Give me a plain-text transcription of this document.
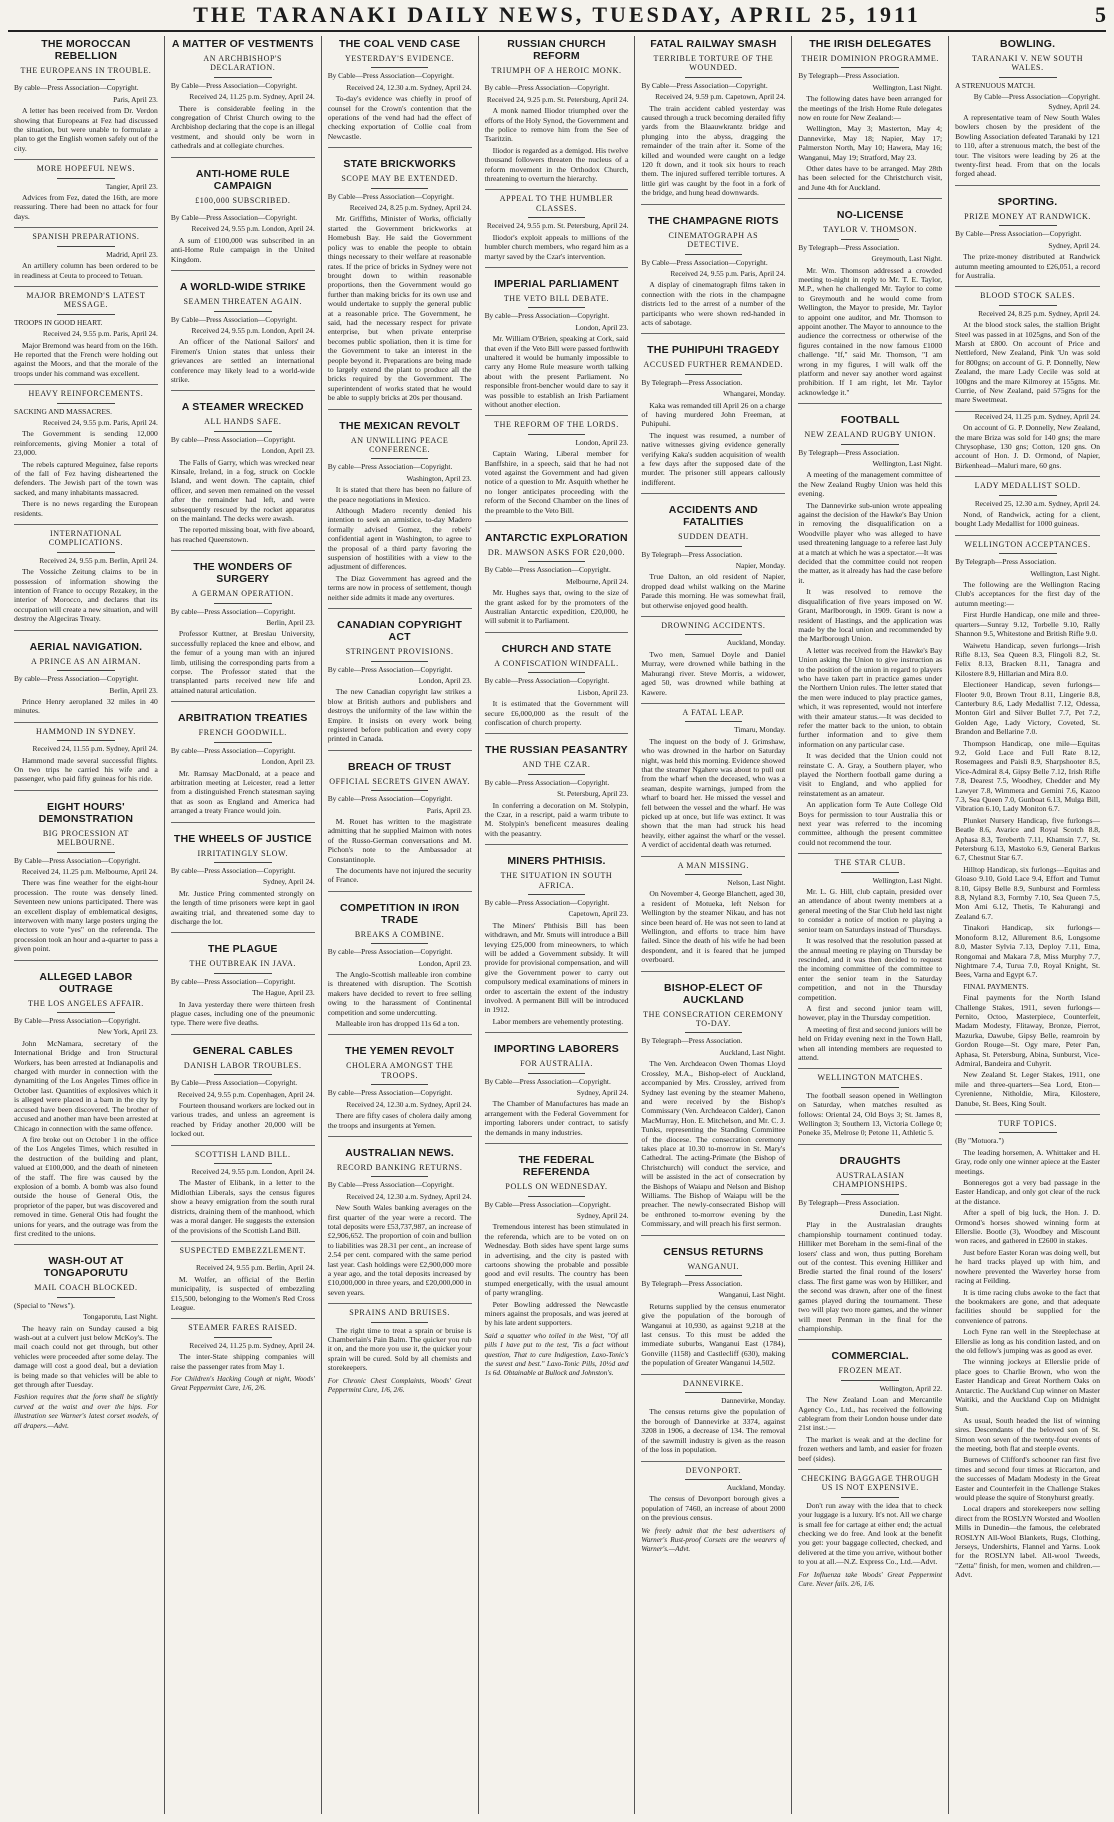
THE TARANAKI DAILY NEWS, TUESDAY, APRIL 25, 1911	5
THE MOROCCAN REBELLION
THE EUROPEANS IN TROUBLE.
By cable—Press Association—Copyright.
Paris, April 23.

A letter has been received from Dr. Verdon showing that Europeans at Fez had discussed the situation, but were unable to formulate a plan to get the English women safely out of the city.

MORE HOPEFUL NEWS.
Tangier, April 23.

Advices from Fez, dated the 16th, are more reassuring. There had been no attack for four days.

SPANISH PREPARATIONS.
Madrid, April 23.

An artillery column has been ordered to be in readiness at Ceuta to proceed to Tetuan.

MAJOR BREMOND'S LATEST MESSAGE.
TROOPS IN GOOD HEART.
Received 24, 9.55 p.m. Paris, April 24.

Major Bremond was heard from on the 16th. He reported that the French were holding out against the Moors, and that the morale of the troops under his command was excellent.

HEAVY REINFORCEMENTS.
SACKING AND MASSACRES.
Received 24, 9.55 p.m. Paris, April 24.

The Government is sending 12,000 reinforcements, giving Monier a total of 23,000.

The rebels captured Meguinez, false reports of the fall of Fez having disheartened the defenders. The Jewish part of the town was sacked, and many inhabitants massacred.

There is no news regarding the European residents.

INTERNATIONAL COMPLICATIONS.
Received 24, 9.55 p.m. Berlin, April 24.

The Vossiche Zeitung claims to be in possession of information showing the intention of France to occupy Rezakey, in the interior of Morocco, and declares that its occupation will create a new situation, and will destroy the Algeciras Treaty.

AERIAL NAVIGATION.
A PRINCE AS AN AIRMAN.
By cable—Press Association—Copyright.
Berlin, April 23.

Prince Henry aeroplaned 32 miles in 40 minutes.

HAMMOND IN SYDNEY.
Received 24, 11.55 p.m. Sydney, April 24.

Hammond made several successful flights. On two trips he carried his wife and a passenger, who paid fifty guineas for his ride.

EIGHT HOURS' DEMONSTRATION
BIG PROCESSION AT MELBOURNE.
By Cable—Press Association—Copyright.
Received 24, 11.25 p.m. Melbourne, April 24.

There was fine weather for the eight-hour procession. The route was densely lined. Seventeen new unions participated. There was an excellent display of emblematical designs, interwoven with many large posters urging the electors to vote "yes" on the referenda. The procession took an hour and a-quarter to pass a given point.

ALLEGED LABOR OUTRAGE
THE LOS ANGELES AFFAIR.
By Cable—Press Association—Copyright.
New York, April 23.

John McNamara, secretary of the International Bridge and Iron Structural Workers, has been arrested at Indianapolis and charged with murder in connection with the dynamiting of the Los Angeles Times office in October last. Quantities of explosives which it is alleged were placed in a barn in the city by accused have been discovered. The brother of accused and another man have been arrested at Chicago in connection with the same offence.

A fire broke out on October 1 in the office of the Los Angeles Times, which resulted in the destruction of the building and plant, valued at £100,000, and the death of nineteen of the staff. The fire was caused by the explosion of a bomb. A bomb was also found outside the house of General Otis, the proprietor of the paper, but was discovered and removed in time. General Otis had fought the unions for years, and the outrage was from the first credited to the unions.

WASH-OUT AT TONGAPORUTU
MAIL COACH BLOCKED.
(Special to "News").
Tongaporutu, Last Night.

The heavy rain on Sunday caused a big wash-out at a culvert just below McKoy's. The mail coach could not get through, but other vehicles were proceeded after some delay. The damage will cost a good deal, but a deviation is being made so that vehicles will be able to get through after Tuesday.

Fashion requires that the form shall be slightly curved at the waist and over the hips. For illustration see Warner's latest corset models, of all drapers.—Advt.
A MATTER OF VESTMENTS
AN ARCHBISHOP'S DECLARATION.
By Cable—Press Association—Copyright.
Received 24, 11.25 p.m. Sydney, April 24.

There is considerable feeling in the congregation of Christ Church owing to the Archbishop declaring that the cope is an illegal vestment, and should only be worn in cathedrals and at collegiate churches.

ANTI-HOME RULE CAMPAIGN
£100,000 SUBSCRIBED.
By Cable—Press Association—Copyright.
Received 24, 9.55 p.m. London, April 24.

A sum of £100,000 was subscribed in an anti-Home Rule campaign in the United Kingdom.

A WORLD-WIDE STRIKE
SEAMEN THREATEN AGAIN.
By Cable—Press Association—Copyright.
Received 24, 9.55 p.m. London, April 24.

An officer of the National Sailors' and Firemen's Union states that unless their grievances are settled an international conference may likely lead to a world-wide strike.

A STEAMER WRECKED
ALL HANDS SAFE.
By cable—Press Association—Copyright.
London, April 23.

The Falls of Garry, which was wrecked near Kinsale, Ireland, in a fog, struck on Cockle Island, and went down. The captain, chief officer, and seven men remained on the vessel after the remainder had left, and were subsequently rescued by the rocket apparatus on the mainland. The decks were awash.

The reported missing boat, with five aboard, has reached Queenstown.

THE WONDERS OF SURGERY
A GERMAN OPERATION.
By cable—Press Association—Copyright.
Berlin, April 23.

Professor Kuttner, at Breslau University, successfully replaced the knee and elbow, and the femur of a young man with an injured limb, utilising the corresponding parts from a corpse. The Professor stated that the transplanted parts received new life and attained natural articulation.

ARBITRATION TREATIES
FRENCH GOODWILL.
By cable—Press Association—Copyright.
London, April 23.

Mr. Ramsay MacDonald, at a peace and arbitration meeting at Leicester, read a letter from a distinguished French statesman saying that as soon as England and America had arranged a treaty France would join.

THE WHEELS OF JUSTICE
IRRITATINGLY SLOW.
By cable—Press Association—Copyright.
Sydney, April 24.

Mr. Justice Pring commented strongly on the length of time prisoners were kept in gaol awaiting trial, and threatened some day to discharge the lot.

THE PLAGUE
THE OUTBREAK IN JAVA.
By cable—Press Association—Copyright.
The Hague, April 23.

In Java yesterday there were thirteen fresh plague cases, including one of the pneumonic type. There were five deaths.

GENERAL CABLES
DANISH LABOR TROUBLES.
By Cable—Press Association—Copyright.
Received 24, 9.55 p.m. Copenhagen, April 24.

Fourteen thousand workers are locked out in various trades, and unless an agreement is reached by Friday another 20,000 will be locked out.

SCOTTISH LAND BILL.
Received 24, 9.55 p.m. London, April 24.

The Master of Elibank, in a letter to the Midlothian Liberals, says the census figures show a heavy emigration from the south rural districts, draining them of the manhood, which was a moral danger. He suggests the extension of the provisions of the Scottish Land Bill.

SUSPECTED EMBEZZLEMENT.
Received 24, 9.55 p.m. Berlin, April 24.

M. Wolfer, an official of the Berlin municipality, is suspected of embezzling £15,500, belonging to the Women's Red Cross League.

STEAMER FARES RAISED.
Received 24, 11.25 p.m. Sydney, April 24.

The inter-State shipping companies will raise the passenger rates from May 1.

For Children's Hacking Cough at night, Woods' Great Peppermint Cure, 1/6, 2/6.
THE COAL VEND CASE
YESTERDAY'S EVIDENCE.
By Cable—Press Association—Copyright.
Received 24, 12.30 a.m. Sydney, April 24.

To-day's evidence was chiefly in proof of counsel for the Crown's contention that the operations of the vend had had the effect of checking exportation of Collie coal from Newcastle.

STATE BRICKWORKS
SCOPE MAY BE EXTENDED.
By Cable—Press Association—Copyright.
Received 24, 8.25 p.m. Sydney, April 24.

Mr. Griffiths, Minister of Works, officially started the Government brickworks at Homebush Bay. He said the Government policy was to enable the people to obtain things necessary to their welfare at reasonable rates. If the price of bricks in Sydney were not brought down to within reasonable proportions, then the Government would go further than making bricks for its own use and would undertake to supply the general public at a reasonable price. The Government, he said, had the necessary respect for private enterprise, but when private enterprise becomes public spoliation, then it is time for the Government to take an interest in the people beyond it. Preparations are being made to largely extend the plant to produce all the bricks required by the Government. The superintendent of works stated that he would be able to supply bricks at 20s per thousand.

THE MEXICAN REVOLT
AN UNWILLING PEACE CONFERENCE.
By cable—Press Association—Copyright.
Washington, April 23.

It is stated that there has been no failure of the peace negotiations in Mexico.

Although Madero recently denied his intention to seek an armistice, to-day Madero formally advised Gomez, the rebels' confidential agent in Washington, to agree to the proposal of a third party favoring the suspension of hostilities with a view to the adjustment of differences.

The Diaz Government has agreed and the terms are now in process of settlement, though neither side admits it made any overtures.

CANADIAN COPYRIGHT ACT
STRINGENT PROVISIONS.
By cable—Press Association—Copyright.
London, April 23.

The new Canadian copyright law strikes a blow at British authors and publishers and destroys the uniformity of the law within the Empire. It insists on every work being registered before publication and every copy printed in Canada.

BREACH OF TRUST
OFFICIAL SECRETS GIVEN AWAY.
By cable—Press Association—Copyright.
Paris, April 23.

M. Rouet has written to the magistrate admitting that he supplied Maimon with notes of the Russo-German conversations and M. Pichon's note to the Ambassador at Constantinople.

The documents have not injured the security of France.

COMPETITION IN IRON TRADE
BREAKS A COMBINE.
By cable—Press Association—Copyright.
London, April 23.

The Anglo-Scottish malleable iron combine is threatened with disruption. The Scottish makers have decided to revert to free selling owing to the harassment of Continental competition and some undercutting.

Malleable iron has dropped 11s 6d a ton.

THE YEMEN REVOLT
CHOLERA AMONGST THE TROOPS.
By cable—Press Association—Copyright.
Received 24, 12.30 a.m. Sydney, April 24.

There are fifty cases of cholera daily among the troops and insurgents at Yemen.

AUSTRALIAN NEWS.
RECORD BANKING RETURNS.
By Cable—Press Association—Copyright.
Received 24, 12.30 a.m. Sydney, April 24.

New South Wales banking averages on the first quarter of the year were a record. The total deposits were £53,737,987, an increase of £2,906,652. The proportion of coin and bullion to liabilities was 28.31 per cent., an increase of 2.54 per cent. compared with the same period last year. Cash holdings were £2,900,000 more a year ago, and the total deposits increased by £10,000,000 in three years, and £20,000,000 in seven years.

SPRAINS AND BRUISES.

The right time to treat a sprain or bruise is Chamberlain's Pain Balm. The quicker you rub it on, and the more you use it, the quicker your sprain will be cured. Sold by all chemists and storekeepers.

For Chronic Chest Complaints, Woods' Great Peppermint Cure, 1/6, 2/6.
RUSSIAN CHURCH REFORM
TRIUMPH OF A HEROIC MONK.
By cable—Press Association—Copyright.
Received 24, 9.25 p.m. St. Petersburg, April 24.

A monk named Iliodor triumphed over the efforts of the Holy Synod, the Government and the police to remove him from the See of Tsaritzin.

Iliodor is regarded as a demigod. His twelve thousand followers threaten the nucleus of a reform movement in the Orthodox Church, threatening to overturn the hierarchy.

APPEAL TO THE HUMBLER CLASSES.
Received 24, 9.55 p.m. St. Petersburg, April 24.

Iliodor's exploit appeals to millions of the humbler church members, who regard him as a martyr saved by the Czar's intervention.

IMPERIAL PARLIAMENT
THE VETO BILL DEBATE.
By cable—Press Association—Copyright.
London, April 23.

Mr. William O'Brien, speaking at Cork, said that even if the Veto Bill were passed forthwith unaltered it would be humanly impossible to carry any Home Rule measure worth talking about with the present Parliament. No responsible front-bencher would dare to say it was possible to establish an Irish Parliament without another election.

THE REFORM OF THE LORDS.
London, April 23.

Captain Waring, Liberal member for Banffshire, in a speech, said that he had not voted against the Government and had given notice of a question to Mr. Asquith whether he no longer anticipates proceeding with the reform of the Second Chamber on the lines of the preamble to the Veto Bill.

ANTARCTIC EXPLORATION
DR. MAWSON ASKS FOR £20,000.
By Cable—Press Association—Copyright.
Melbourne, April 24.

Mr. Hughes says that, owing to the size of the grant asked for by the promoters of the Australian Antarctic expedition, £20,000, he will submit it to Parliament.

CHURCH AND STATE
A CONFISCATION WINDFALL.
By cable—Press Association—Copyright.
Lisbon, April 23.

It is estimated that the Government will secure £6,000,000 as the result of the confiscation of church property.

THE RUSSIAN PEASANTRY
AND THE CZAR.
By cable—Press Association—Copyright.
St. Petersburg, April 23.

In conferring a decoration on M. Stolypin, the Czar, in a rescript, paid a warm tribute to M. Stolypin's beneficent measures dealing with the peasantry.

MINERS PHTHISIS.
THE SITUATION IN SOUTH AFRICA.
By cable—Press Association—Copyright.
Capetown, April 23.

The Miners' Phthisis Bill has been withdrawn, and Mr. Smuts will introduce a Bill levying £25,000 from mineowners, to which will be added a Government subsidy. It will provide for provisional compensation, and will give the Government power to carry out compulsory medical examinations of miners in order to ascertain the extent of the industry involved. A permanent Bill will be introduced in 1912.

Labor members are vehemently protesting.

IMPORTING LABORERS
FOR AUSTRALIA.
By Cable—Press Association—Copyright.
Sydney, April 24.

The Chamber of Manufactures has made an arrangement with the Federal Government for importing laborers under contract, to satisfy the demands in many industries.

THE FEDERAL REFERENDA
POLLS ON WEDNESDAY.
By Cable—Press Association—Copyright.
Sydney, April 24.

Tremendous interest has been stimulated in the referenda, which are to be voted on on Wednesday. Both sides have spent large sums in advertising, and the city is pasted with cartoons showing the probable and possible good and evil results. The country has been stumped energetically, with the usual amount of party wrangling.

Peter Bowling addressed the Newcastle miners against the proposals, and was jeered at by his late ardent supporters.

Said a squatter who toiled in the West, "Of all pills I have put to the test, 'Tis a fact without question, That to cure Indigestion, Laxo-Tonic's the surest and best." Laxo-Tonic Pills, 10½d and 1s 6d. Obtainable at Bullock and Johnston's.
FATAL RAILWAY SMASH
TERRIBLE TORTURE OF THE WOUNDED.
By Cable—Press Association—Copyright.
Received 24, 9.59 p.m. Capetown, April 24.

The train accident cabled yesterday was caused through a truck becoming derailed fifty yards from the Blaauwkrantz bridge and plunging into the abyss, dragging the remainder of the train after it. Some of the killed and wounded were caught on a ledge 120 ft down, and it took six hours to reach them. The injured suffered terrible tortures. A little girl was caught by the foot in a fork of the bridge, and hung head downwards.

THE CHAMPAGNE RIOTS
CINEMATOGRAPH AS DETECTIVE.
By Cable—Press Association—Copyright.
Received 24, 9.55 p.m. Paris, April 24.

A display of cinematograph films taken in connection with the riots in the champagne districts led to the arrest of a number of the participants who were shown red-handed in acts of sabotage.

THE PUHIPUHI TRAGEDY
ACCUSED FURTHER REMANDED.
By Telegraph—Press Association.
Whangarei, Monday.

Kaka was remanded till April 26 on a charge of having murdered John Freeman, at Puhipuhi.

The inquest was resumed, a number of native witnesses giving evidence generally verifying Kaka's sudden acquisition of wealth a few days after the supposed date of the murder. The prisoner still appears callously indifferent.

ACCIDENTS AND FATALITIES
SUDDEN DEATH.
By Telegraph—Press Association.
Napier, Monday.

True Dalton, an old resident of Napier, dropped dead whilst walking on the Marine Parade this morning. He was somewhat frail, but otherwise enjoyed good health.

DROWNING ACCIDENTS.
Auckland, Monday.

Two men, Samuel Doyle and Daniel Murray, were drowned while bathing in the Mahurangi river. Steve Morris, a widower, aged 50, was drowned while bathing at Kawere.

A FATAL LEAP.
Timaru, Monday.

The inquest on the body of J. Grimshaw, who was drowned in the harbor on Saturday night, was held this morning. Evidence showed that the steamer Ngahere was about to pull out from the wharf when the deceased, who was a seaman, despite warnings, jumped from the wharf to board her. He missed the vessel and fell between the vessel and the wharf. He was picked up at once, but life was extinct. It was shown that the man had struck his head heavily, either against the wharf or the vessel. A verdict of accidental death was returned.

A MAN MISSING.
Nelson, Last Night.

On November 4, George Blanchett, aged 30, a resident of Motueka, left Nelson for Wellington by the steamer Nikau, and has not since been heard of. He was not seen to land at Wellington, and efforts to trace him have failed. Since the death of his wife he had been despondent, and it is feared that he jumped overboard.

BISHOP-ELECT OF AUCKLAND
THE CONSECRATION CEREMONY TO-DAY.
By Telegraph—Press Association.
Auckland, Last Night.

The Ven. Archdeacon Owen Thomas Lloyd Crossley, M.A., Bishop-elect of Auckland, accompanied by Mrs. Crossley, arrived from Sydney last evening by the steamer Maheno, and were received by the Bishop's Commissary (Ven. Archdeacon Calder), Canon MacMurray, Hon. E. Mitchelson, and Mr. C. J. Tunks, representing the Standing Committee of the diocese. The consecration ceremony takes place at 10.30 to-morrow in St. Mary's Cathedral. The acting-Primate (the Bishop of Christchurch) will conduct the service, and will be assisted in the act of consecration by the Bishops of Waiapu and Nelson and Bishop Williams. The Bishop of Waiapu will be the preacher. The newly-consecrated Bishop will be enthroned to-morrow evening by the Commissary, and will preach his first sermon.

CENSUS RETURNS
WANGANUI.
By Telegraph—Press Association.
Wanganui, Last Night.

Returns supplied by the census enumerator give the population of the borough of Wanganui at 10,930, as against 9,218 at the last census. To this must be added the immediate suburbs, Wanganui East (1784), Gonville (1158) and Castlecliff (630), making the population of Greater Wanganui 14,502.

DANNEVIRKE.
Dannevirke, Monday.

The census returns give the population of the borough of Dannevirke at 3374, against 3208 in 1906, a decrease of 134. The removal of the sawmill industry is given as the reason of the loss in population.

DEVONPORT.
Auckland, Monday.

The census of Devonport borough gives a population of 7460, an increase of about 2000 on the previous census.

We freely admit that the best advertisers of Warner's Rust-proof Corsets are the wearers of Warner's.—Advt.
THE IRISH DELEGATES
THEIR DOMINION PROGRAMME.
By Telegraph—Press Association.
Wellington, Last Night.

The following dates have been arranged for the meetings of the Irish Home Rule delegates now en route for New Zealand:—

Wellington, May 3; Masterton, May 4; Dannevirke, May 18; Napier, May 17; Palmerston North, May 10; Hawera, May 16; Wanganui, May 19; Stratford, May 23.

Other dates have to be arranged. May 28th has been selected for the Christchurch visit, and June 4th for Auckland.

NO-LICENSE
TAYLOR V. THOMSON.
By Telegraph—Press Association.
Greymouth, Last Night.

Mr. Wm. Thomson addressed a crowded meeting to-night in reply to Mr. T. E. Taylor, M.P., when he challenged Mr. Taylor to come to Greymouth and he would come from Wellington, the Mayor to preside, Mr. Taylor to appoint one auditor, and Mr. Thomson to appoint another. The Mayor to announce to the audience the correctness or otherwise of the figures contained in the now famous £1000 challenge. "If," said Mr. Thomson, "I am wrong in my figures, I will walk off the platform and never say another word against prohibition. If I am right, let Mr. Taylor acknowledge it."

FOOTBALL
NEW ZEALAND RUGBY UNION.
By Telegraph—Press Association.
Wellington, Last Night.

A meeting of the management committee of the New Zealand Rugby Union was held this evening.

The Dannevirke sub-union wrote appealing against the decision of the Hawke's Bay Union in removing the disqualification on a Woodville player who was alleged to have used threatening language to a referee last July at a match at which he was a spectator.—It was decided that the committee could not reopen the matter, as it already has had the case before it.

It was resolved to remove the disqualification of five years imposed on W. Grant, Marlborough, in 1909. Grant is now a resident of Hastings, and the application was made by the local union and recommended by the Marlborough Union.

A letter was received from the Hawke's Bay Union asking the Union to give instruction as to the position of the union in regard to players who have taken part in practice games under the Northern Union rules. The letter stated that the men were induced to play practice games, which, it was represented, would not interfere with their amateur status.—It was decided to refer the matter back to the union, to obtain further information and to give them information on any particular case.

It was decided that the Union could not reinstate C. A. Gray, a Southern player, who played the Northern football game during a visit to England, and who applied for reinstatement as an amateur.

An application form Te Aute College Old Boys for permission to tour Australia this or next year was referred to the incoming committee, although the present committee could not recommend the tour.

THE STAR CLUB.
Wellington, Last Night.

Mr. L. G. Hill, club captain, presided over an attendance of about twenty members at a general meeting of the Star Club held last night to consider a notice of motion re playing a senior team on Saturdays instead of Thursdays.

It was resolved that the resolution passed at the annual meeting re playing on Thursday be rescinded, and it was then decided to request the incoming committee of the committee to enter the senior team in the Saturday competition, and not in the Thursday competition.

A first and second junior team will, however, play in the Thursday competition.

A meeting of first and second juniors will be held on Friday evening next in the Town Hall, when all intending members are requested to attend.

WELLINGTON MATCHES.

The football season opened in Wellington on Saturday, when matches resulted as follows: Oriental 24, Old Boys 3; St. James 8, Wellington 3; Southern 13, Victoria College 0; Poneke 35, Melrose 0; Petone 11, Athletic 5.

DRAUGHTS
AUSTRALASIAN CHAMPIONSHIPS.
By Telegraph—Press Association.
Dunedin, Last Night.

Play in the Australasian draughts championship tournament continued today. Hilliker met Boreham in the semi-final of the losers' class and won, thus putting Boreham out of the contest. This evening Hilliker and Bredie started the final round of the losers' class. The first game was won by Hilliker, and the second was drawn, after one of the finest games played during the tournament. These two will play two more games, and the winner will meet Penman in the final for the championship.

COMMERCIAL.
FROZEN MEAT.
Wellington, April 22.

The New Zealand Loan and Mercantile Agency Co., Ltd., has received the following cablegram from their London house under date 21st inst.:—

The market is weak and at the decline for frozen wethers and lamb, and easier for frozen beef (sides).

CHECKING BAGGAGE THROUGH US IS NOT EXPENSIVE.

Don't run away with the idea that to check your luggage is a luxury. It's not. All we charge is small fee for cartage at either end; the actual checking we do free. And look at the benefit you get: your baggage collected, checked, and delivered at the time you arrive, without bother to you at all.—N.Z. Express Co., Ltd.—Advt.

For Influenza take Woods' Great Peppermint Cure. Never fails. 2/6, 1/6.
BOWLING.
TARANAKI V. NEW SOUTH WALES.
A STRENUOUS MATCH.
By Cable—Press Association—Copyright. Sydney, April 24.

A representative team of New South Wales bowlers chosen by the president of the Bowling Association defeated Taranaki by 121 to 110, after a strenuous match, the best of the tour. The visitors were leading by 26 at the twenty-first head. From that on the locals forged ahead.

SPORTING.
PRIZE MONEY AT RANDWICK.
By Cable—Press Association—Copyright.
Sydney, April 24.

The prize-money distributed at Randwick autumn meeting amounted to £26,051, a record for Australia.

BLOOD STOCK SALES.
Received 24, 8.25 p.m. Sydney, April 24.

At the blood stock sales, the stallion Bright Steel was passed in at 1025gns, and Son of the Marsh at £800. On account of Price and Nettleford, New Zealand, Pink 'Un was sold for 800gns; on account of G. P. Donnelly, New Zealand, the mare Lady Cecile was sold at 100gns and the mare Kilmorey at 155gns. Mr. Currie, of New Zealand, paid 575gns for the mare Sweetmeat.

Received 24, 11.25 p.m. Sydney, April 24.

On account of G. P. Donnelly, New Zealand, the mare Briza was sold for 140 gns; the mare Chrysophase, 130 gns; Cotton, 120 gns. On account of Hon. J. D. Ormond, of Napier, Birkenhead—Maluri mare, 60 gns.

LADY MEDALLIST SOLD.
Received 25, 12.30 a.m. Sydney, April 24.

Nond, of Randwick, acting for a client, bought Lady Medallist for 1000 guineas.

WELLINGTON ACCEPTANCES.
By Telegraph—Press Association.
Wellington, Last Night.

The following are the Wellington Racing Club's acceptances for the first day of the autumn meeting:—

First Hurdle Handicap, one mile and three-quarters—Sunray 9.12, Torbelle 9.10, Rally Shannon 9.5, Whitestone and British Rifle 9.0.

Waiwetu Handicap, seven furlongs—Irish Rifle 8.13, Sea Queen 8.3, Flingoli 8.2, St. Felix 8.13, Bracken 8.11, Tanagra and Kilostere 8.9, Hillarian and Mira 8.0.

Electioneer Handicap, seven furlongs—Flooter 9.0, Brown Trout 8.11, Lingerie 8.8, Canterbury 8.6, Lady Medallist 7.12, Odessa, Monton Girl and Silver Bullet 7.7, Pet 7.2, Golden Age, Lady Victory, Coveted, St. Brandon and Bellarine 7.0.

Thompson Handicap, one mile—Equitas 9.2, Gold Lace and Full Rate 8.12, Rosemagees and Paisli 8.9, Sharpshooter 8.5, Vice-Admiral 8.4, Gipsy Belle 7.12, Irish Rifle 7.8, Dearest 7.5, Woodhey, Chedder and My Lawyer 7.8, Wimmera and Gemini 7.6, Kazoo 7.3, Sea Queen 7.0, Gunboat 6.13, Mulga Bill, Vibration 6.10, Lady Moniton 6.7.

Plunket Nursery Handicap, five furlongs—Beatle 8.6, Avarice and Royal Scotch 8.8, Aphasa 8.3, Tereberth 7.11, Khamsin 7.7, St. Petersburg 6.13, Mastoko 6.9, General Barkus 6.7, Chestnut Star 6.7.

Hilltop Handicap, six furlongs—Equitas and Gloaso 9.10, Gold Lace 9.4, Effort and Tumut 8.10, Gipsy Belle 8.9, Sunburst and Formless 8.8, Nyland 8.3, Formby 7.10, Sea Queen 7.5, Mon Ami 6.12, Thetis, Te Kahurangi and Zealand 6.7.

Tinakori Handicap, six furlongs—Monoform 8.12, Allurement 8.6, Longsome 8.0, Master Sylvia 7.13, Deploy 7.11, Etna, Rongomai and Makara 7.8, Miss Murphy 7.7, Nightmare 7.4, Turua 7.0, Royal Knight, St. Bees, Varna and Egypt 6.7.

FINAL PAYMENTS.

Final payments for the North Island Challenge Stakes, 1911, seven furlongs—Pernito, Octoo, Masterpiece, Counterfeit, Madam Modesty, Flitaway, Bronze, Pierrot, Mazurka, Dawube, Gipsy Belle, reamroin by Gordon Rouge—St. Ogy mare, Peter Pan, Aphasa, St. Petersburg, Abina, Sunburst, Vice-Admiral, Bandeira and Cuhyrit.

New Zealand St. Leger Stakes, 1911, one mile and three-quarters—Sea Lord, Eton—Cyrenienne, Nitholdie, Mira, Kilostere, Danube, St. Bees, King Soult.

TURF TOPICS.
(By "Motuora.")

The leading horsemen, A. Whittaker and H. Gray, rode only one winner apiece at the Easter meetings.

Bonneregos got a very bad passage in the Easter Handicap, and only got clear of the ruck at the distance.

After a spell of big luck, the Hon. J. D. Ormond's horses showed winning form at Ellerslie. Bootle (3), Woodbey and Miscount won races, and gathered in £2600 in stakes.

Just before Easter Koran was doing well, but he hard tracks played up with him, and nowhere prevented the Waverley horse from racing at Feilding.

It is time racing clubs awoke to the fact that the bookmakers are gone, and that adequate facilities should be supplied for the convenience of patrons.

Loch Fyne ran well in the Steeplechase at Ellerslie as long as his condition lasted, and on the old fellow's jumping was as good as ever.

The winning jockeys at Ellerslie pride of place goes to Charlie Brown, who won the Easter Handicap and Great Northern Oaks on Antarctic. The Auckland Cup winner on Master Waitiki, and the Auckland Cup on Midnight Sun.

As usual, South headed the list of winning sires. Descendants of the beloved son of St. Simon won seven of the twenty-four events of the meeting, both flat and steeple events.

Burnews of Clifford's schooner ran first five times and second four times at Riccarton, and the successes of Madam Modesty in the Great Easter and Counterfeit in the Challenge Stakes would please the squire of Stonyhurst greatly.

Local drapers and storekeepers now selling direct from the ROSLYN Worsted and Woollen Mills in Dunedin—the famous, the celebrated ROSLYN All-Wool Blankets, Rugs, Clothing, Jerseys, Undershirts, Flannel and Yarns. Look for the ROSLYN label. All-wool Tweeds, "Zetta" finish, for men, women and children.—Advt.
